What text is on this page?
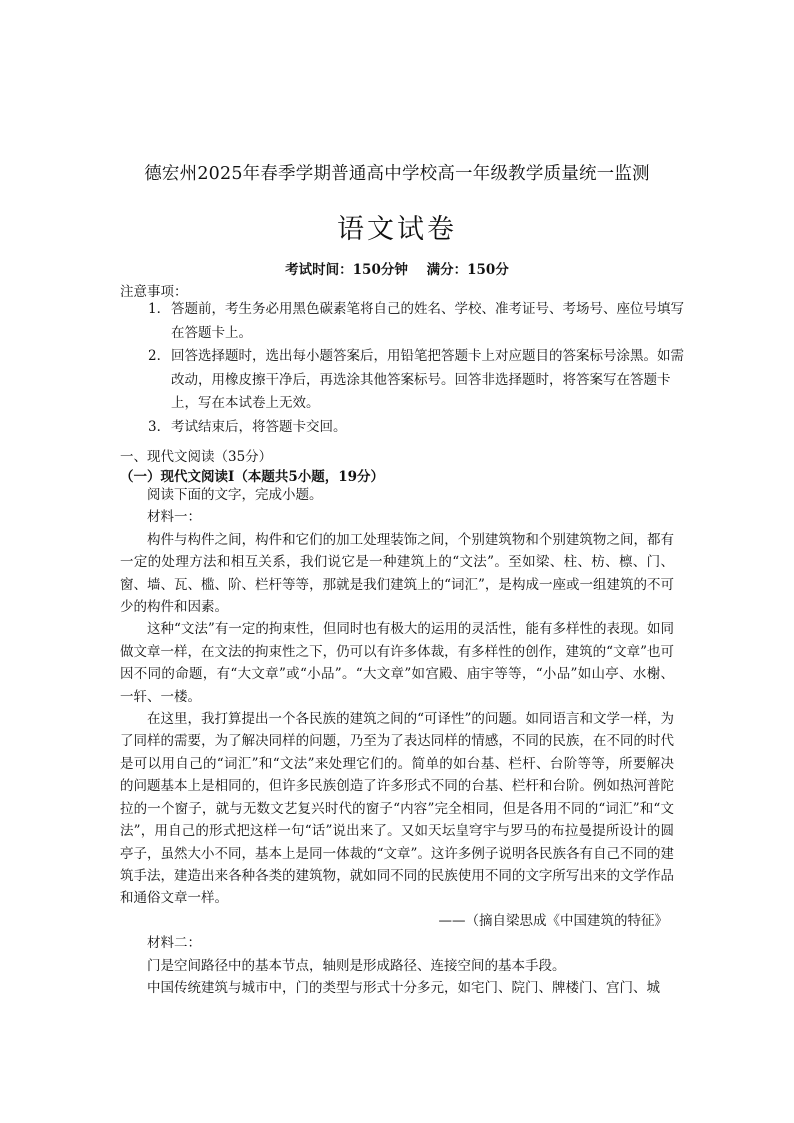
德宏州2025年春季学期普通高中学校高一年级教学质量统一监测
语文试卷
考试时间：150分钟    满分：150分
注意事项：
1． 答题前，考生务必用黑色碳素笔将自己的姓名、学校、准考证号、考场号、座位号填写在答题卡上。
2． 回答选择题时，选出每小题答案后，用铅笔把答题卡上对应题目的答案标号涂黑。如需改动，用橡皮擦干净后，再选涂其他答案标号。回答非选择题时，将答案写在答题卡上，写在本试卷上无效。
3． 考试结束后，将答题卡交回。
一、现代文阅读（35分）
（一）现代文阅读Ⅰ（本题共5小题，19分）

阅读下面的文字，完成小题。

材料一：

构件与构件之间，构件和它们的加工处理装饰之间，个别建筑物和个别建筑物之间，都有一定的处理方法和相互关系，我们说它是一种建筑上的“文法”。至如梁、柱、枋、檩、门、窗、墙、瓦、槛、阶、栏杆等等，那就是我们建筑上的“词汇”，是构成一座或一组建筑的不可少的构件和因素。

这种“文法”有一定的拘束性，但同时也有极大的运用的灵活性，能有多样性的表现。如同做文章一样，在文法的拘束性之下，仍可以有许多体裁，有多样性的创作，建筑的“文章”也可因不同的命题，有“大文章”或“小品”。“大文章”如宫殿、庙宇等等，“小品”如山亭、水榭、一轩、一楼。

在这里，我打算提出一个各民族的建筑之间的“可译性”的问题。如同语言和文学一样，为了同样的需要，为了解决同样的问题，乃至为了表达同样的情感，不同的民族，在不同的时代是可以用自己的“词汇”和“文法”来处理它们的。简单的如台基、栏杆、台阶等等，所要解决的问题基本上是相同的，但许多民族创造了许多形式不同的台基、栏杆和台阶。例如热河普陀拉的一个窗子，就与无数文艺复兴时代的窗子“内容”完全相同，但是各用不同的“词汇”和“文法”，用自己的形式把这样一句“话”说出来了。又如天坛皇穹宇与罗马的布拉曼提所设计的圆亭子，虽然大小不同，基本上是同一体裁的“文章”。这许多例子说明各民族各有自己不同的建筑手法，建造出来各种各类的建筑物，就如同不同的民族使用不同的文字所写出来的文学作品和通俗文章一样。

——（摘自梁思成《中国建筑的特征》

材料二：

门是空间路径中的基本节点，轴则是形成路径、连接空间的基本手段。

中国传统建筑与城市中，门的类型与形式十分多元，如宅门、院门、牌楼门、宫门、城
